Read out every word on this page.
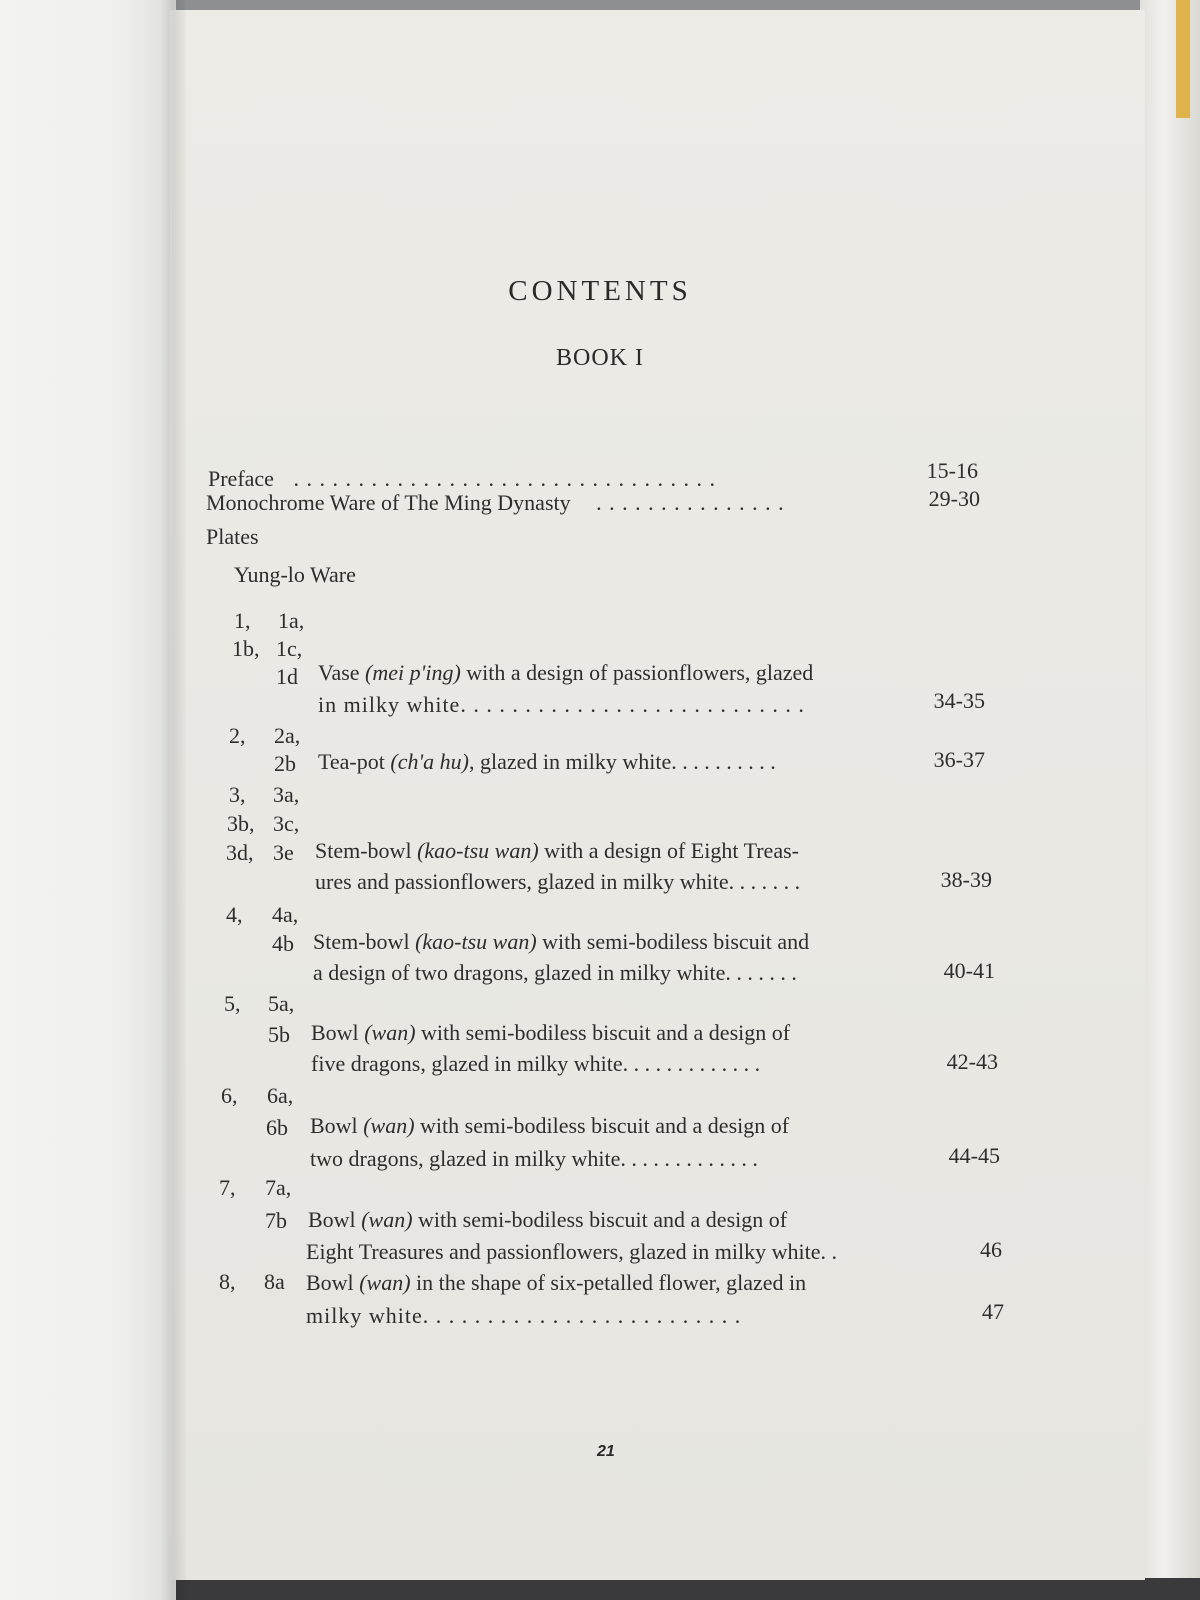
CONTENTS
BOOK I
Preface . . . . . . . . . . . . . . . . . . . . . . . . . . . . . . . . .	15-16
Monochrome Ware of The Ming Dynasty . . . . . . . . . . . . . . .	29-30
Plates
Yung-lo Ware
1, 1a,
1b, 1c,
1d Vase (mei p'ing) with a design of passionflowers, glazed
in milky white. . . . . . . . . . . . . . . . . . . . . . . . . . .	34-35
2, 2a,
2b Tea-pot (ch'a hu), glazed in milky white. . . . . . . . . .	36-37
3, 3a,
3b, 3c,
3d, 3e Stem-bowl (kao-tsu wan) with a design of Eight Treas-
ures and passionflowers, glazed in milky white. . . . . . .	38-39
4, 4a,
4b Stem-bowl (kao-tsu wan) with semi-bodiless biscuit and
a design of two dragons, glazed in milky white. . . . . . .	40-41
5, 5a,
5b Bowl (wan) with semi-bodiless biscuit and a design of
five dragons, glazed in milky white. . . . . . . . . . . . .	42-43
6, 6a,
6b Bowl (wan) with semi-bodiless biscuit and a design of
two dragons, glazed in milky white. . . . . . . . . . . . .	44-45
7, 7a,
7b Bowl (wan) with semi-bodiless biscuit and a design of
Eight Treasures and passionflowers, glazed in milky white. .	46
8, 8a Bowl (wan) in the shape of six-petalled flower, glazed in
milky white. . . . . . . . . . . . . . . . . . . . . . . . .	47
21
